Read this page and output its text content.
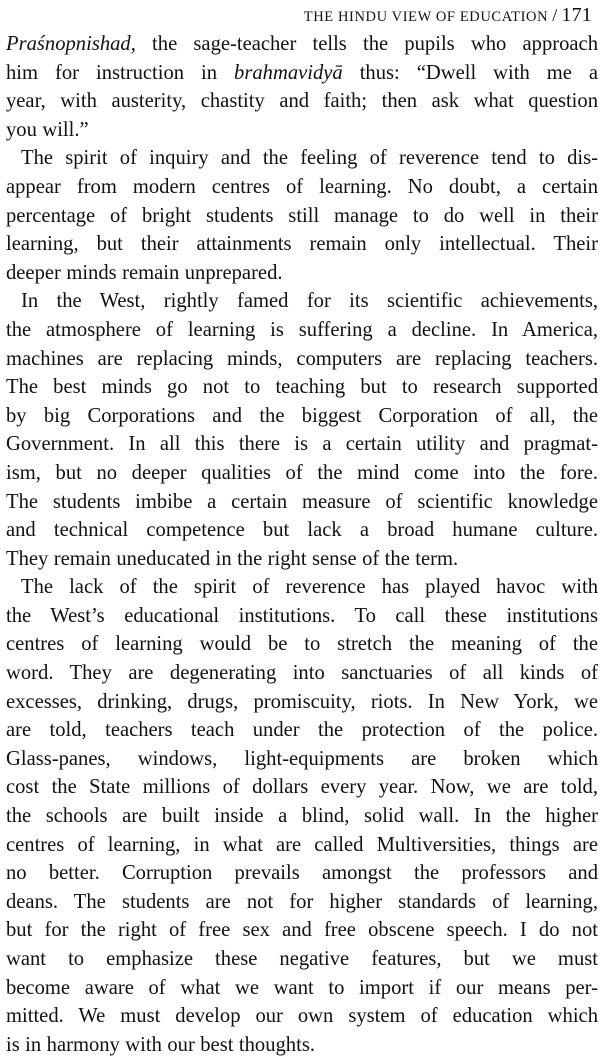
THE HINDU VIEW OF EDUCATION / 171
Praśnopnishad, the sage-teacher tells the pupils who approach
him for instruction in brahmavidyā thus: “Dwell with me a
year, with austerity, chastity and faith; then ask what question
you will.”
The spirit of inquiry and the feeling of reverence tend to dis-
appear from modern centres of learning. No doubt, a certain
percentage of bright students still manage to do well in their
learning, but their attainments remain only intellectual. Their
deeper minds remain unprepared.
In the West, rightly famed for its scientific achievements,
the atmosphere of learning is suffering a decline. In America,
machines are replacing minds, computers are replacing teachers.
The best minds go not to teaching but to research supported
by big Corporations and the biggest Corporation of all, the
Government. In all this there is a certain utility and pragmat-
ism, but no deeper qualities of the mind come into the fore.
The students imbibe a certain measure of scientific knowledge
and technical competence but lack a broad humane culture.
They remain uneducated in the right sense of the term.
The lack of the spirit of reverence has played havoc with
the West’s educational institutions. To call these institutions
centres of learning would be to stretch the meaning of the
word. They are degenerating into sanctuaries of all kinds of
excesses, drinking, drugs, promiscuity, riots. In New York, we
are told, teachers teach under the protection of the police.
Glass-panes, windows, light-equipments are broken which
cost the State millions of dollars every year. Now, we are told,
the schools are built inside a blind, solid wall. In the higher
centres of learning, in what are called Multiversities, things are
no better. Corruption prevails amongst the professors and
deans. The students are not for higher standards of learning,
but for the right of free sex and free obscene speech. I do not
want to emphasize these negative features, but we must
become aware of what we want to import if our means per-
mitted. We must develop our own system of education which
is in harmony with our best thoughts.
